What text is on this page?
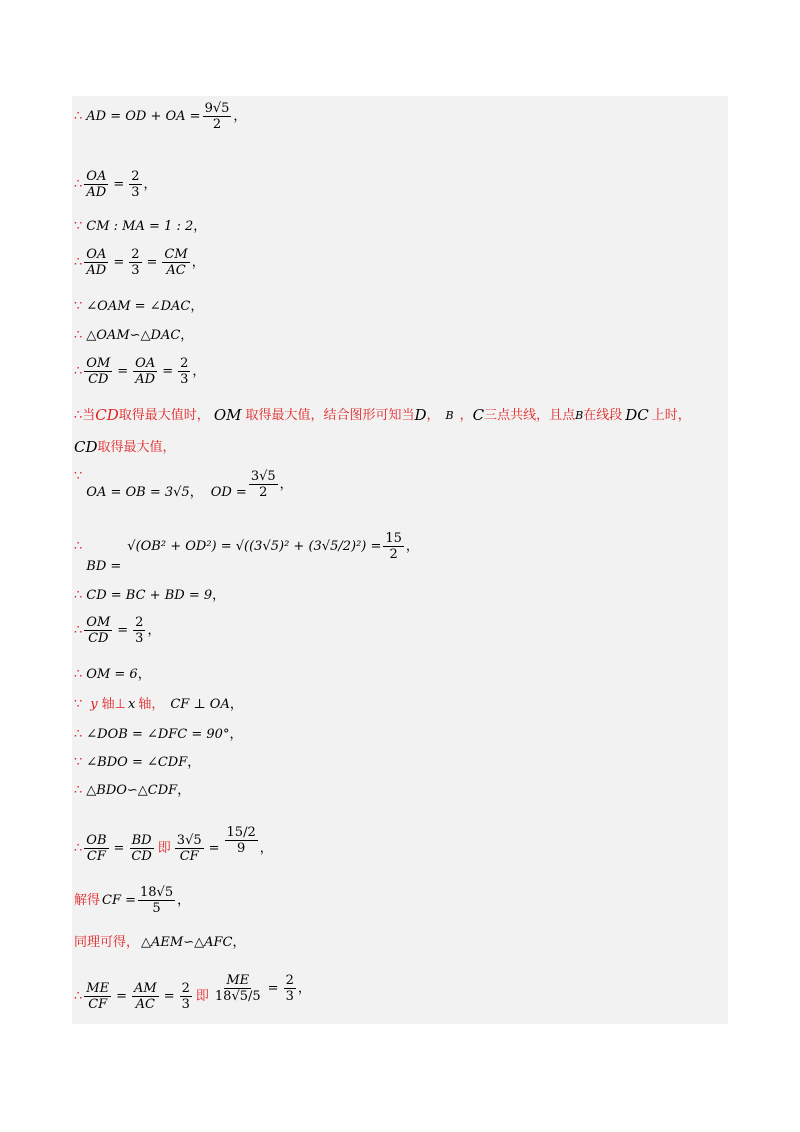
∴ AD = OD + OA = $\frac{9√5}{2}$ ，
∴ $\frac{OA}{AD} = \frac{2}{3}$ ，
∵ CM : MA = 1 : 2 ，
∴ $\frac{OA}{AD} = \frac{2}{3} = \frac{CM}{AC}$ ，
∵ ∠OAM = ∠DAC ，
∴ △OAM∽△DAC ，
∴ $\frac{OM}{CD} = \frac{OA}{AD} = \frac{2}{3}$ ，
∴当 CD 取得最大值时， OM 取得最大值，结合图形可知当 D ， B ， C 三点共线，且点 B 在线段 DC 上时，
CD 取得最大值，
∵
OA = OB = 3√5 ， OD = $\frac{3√5}{2}$ ，
∴
BD =
$√(OB^2 + OD^2) = √((3√5)^2 + (3√5/2)^2) = \frac{15}{2}$ ，
∴ CD = BC + BD = 9 ，
∴ $\frac{OM}{CD} = \frac{2}{3}$ ，
∴ OM = 6 ，
∵ y 轴⊥ x 轴， CF ⊥ OA ，
∴ ∠DOB = ∠DFC = 90° ，
∵ ∠BDO = ∠CDF ，
∴ △BDO∽△CDF ，
∴ $\frac{OB}{CF} = \frac{BD}{CD}$ 即 $\frac{3√5}{CF} = \frac{15/2}{9}$ ，
解得 CF = $\frac{18√5}{5}$ ，
同理可得， △AEM∽△AFC ，
∴ $\frac{ME}{CF} = \frac{AM}{AC} = \frac{2}{3}$ 即 $\frac{ME}{18√5/5} = \frac{2}{3}$ ，
